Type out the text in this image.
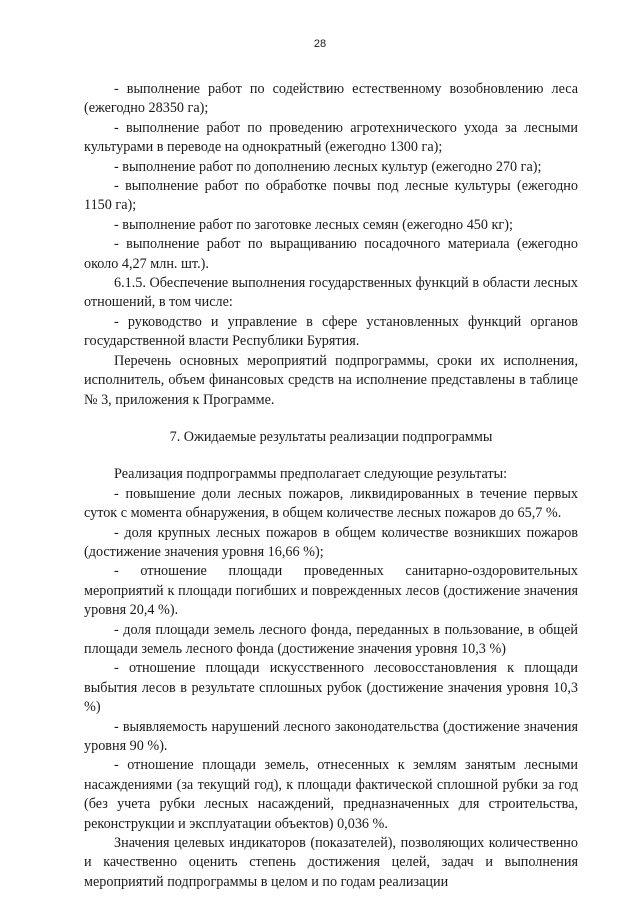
28

- выполнение работ по содействию естественному возобновлению леса (ежегодно 28350 га);

- выполнение работ по проведению агротехнического ухода за лесными культурами в переводе на однократный (ежегодно 1300 га);

- выполнение работ по дополнению лесных культур (ежегодно 270 га);

- выполнение работ по обработке почвы под лесные культуры (ежегодно 1150 га);

- выполнение работ по заготовке лесных семян (ежегодно 450 кг);

- выполнение работ по выращиванию посадочного материала (ежегодно около 4,27 млн. шт.).

6.1.5. Обеспечение выполнения государственных функций в области лесных отношений, в том числе:

- руководство и управление в сфере установленных функций органов государственной власти Республики Бурятия.

Перечень основных мероприятий подпрограммы, сроки их исполнения, исполнитель, объем финансовых средств на исполнение представлены в таблице № 3, приложения к Программе.

7. Ожидаемые результаты реализации подпрограммы

Реализация подпрограммы предполагает следующие результаты:

- повышение доли лесных пожаров, ликвидированных в течение первых суток с момента обнаружения, в общем количестве лесных пожаров до 65,7 %.

- доля крупных лесных пожаров в общем количестве возникших пожаров (достижение значения уровня 16,66 %);

- отношение площади проведенных санитарно-оздоровительных мероприятий к площади погибших и поврежденных лесов (достижение значения уровня 20,4 %).

- доля площади земель лесного фонда, переданных в пользование, в общей площади земель лесного фонда (достижение значения уровня 10,3 %)

- отношение площади искусственного лесовосстановления к площади выбытия лесов в результате сплошных рубок (достижение значения уровня 10,3 %)

- выявляемость нарушений лесного законодательства (достижение значения уровня 90 %).

- отношение площади земель, отнесенных к землям занятым лесными насаждениями (за текущий год), к площади фактической сплошной рубки за год (без учета рубки лесных насаждений, предназначенных для строительства, реконструкции и эксплуатации объектов) 0,036 %.

Значения целевых индикаторов (показателей), позволяющих количественно и качественно оценить степень достижения целей, задач и выполнения мероприятий подпрограммы в целом и по годам реализации
